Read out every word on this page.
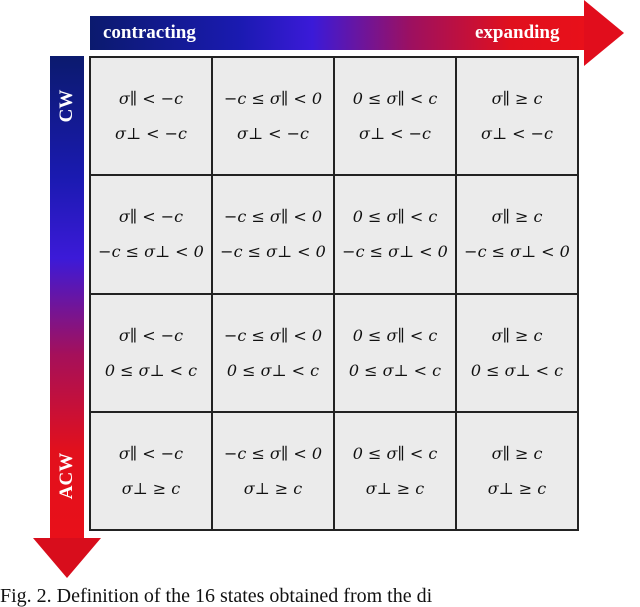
contracting	expanding
CW
ACW
σ∥ < −c
σ⊥ < −c
−c ≤ σ∥ < 0
σ⊥ < −c
0 ≤ σ∥ < c
σ⊥ < −c
σ∥ ≥ c
σ⊥ < −c
σ∥ < −c
−c ≤ σ⊥ < 0
−c ≤ σ∥ < 0
−c ≤ σ⊥ < 0
0 ≤ σ∥ < c
−c ≤ σ⊥ < 0
σ∥ ≥ c
−c ≤ σ⊥ < 0
σ∥ < −c
0 ≤ σ⊥ < c
−c ≤ σ∥ < 0
0 ≤ σ⊥ < c
0 ≤ σ∥ < c
0 ≤ σ⊥ < c
σ∥ ≥ c
0 ≤ σ⊥ < c
σ∥ < −c
σ⊥ ≥ c
−c ≤ σ∥ < 0
σ⊥ ≥ c
0 ≤ σ∥ < c
σ⊥ ≥ c
σ∥ ≥ c
σ⊥ ≥ c
Fig. 2. Definition of the 16 states obtained from the di
